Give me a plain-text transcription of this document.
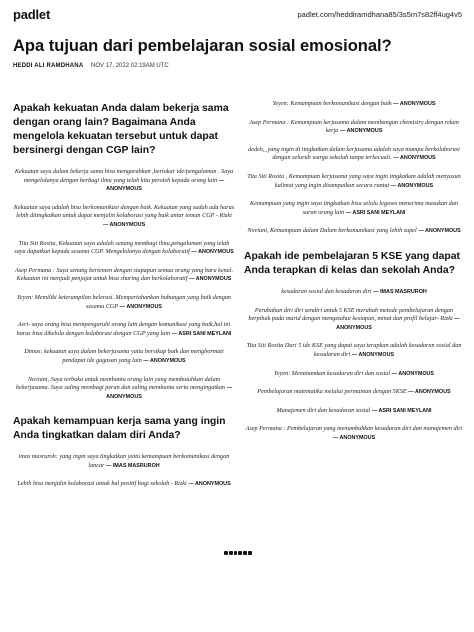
padlet	padlet.com/heddiramdhana85/3s5m7s82ff4ug4v5
Apa tujuan dari pembelajaran sosial emosional?
HEDDI ALI RAMDHANA NOV 17, 2022 02:19AM UTC
Apakah kekuatan Anda dalam bekerja sama dengan orang lain? Bagaimana Anda mengelola kekuatan tersebut untuk dapat bersinergi dengan CGP lain?
Kekuatan saya dalam bekerja sama bisa mengarahkan ,bertukar ide/pengalaman . Saya mengelolanya dengan berbagi ilmu yang telah kita peroleh kepada orang lain — ANONYMOUS
Kekuatan saya adalah bisa berkomunikasi dengan baik. Kekuatan yang sudah ada harus lebih ditingkatkan untuk dapat menjalin kolaborasi yang baik antar teman CGP - Rizki — ANONYMOUS
Tita Siti Rosita, Kekuatan saya adalah senang membagi ilmu,pengalaman yang telah saya dapatkan kepada sesama CGP. Mengelolanya dengan kolaboratif — ANONYMOUS
Asep Permana : Saya senang bertemen dengan siapapun semua orang yang baru kenal. Kekuatan ini menjadi penjajat untuk bisa sharing dan berkolaboratif — ANONYMOUS
Yeyen: Memiliki keterampilan belerasi. Mempertahankan hubungan yang baik dengan sesama CGP — ANONYMOUS
Asri- saya orang bisa mempengaruhi orang lain dengan komunikasi yang baik,hal ini harus bisa dikelola dengan kolaborasi dengan CGP yang lain — ASRI SANI MEYLANI
Dimas: kekuatan saya dalam bekerjasama yaitu bersikap baik dan menghormati pendapat ide gagasan yang lain — ANONYMOUS
Noviani, Saya terbuka untuk membantu orang lain yang membutuhkan dalam bekerjasama. Saya saling membagi peran dan saling membantu serta mengingatkan — ANONYMOUS
Apakah kemampuan kerja sama yang ingin Anda tingkatkan dalam diri Anda?
imas masruroh: yang ingin saya tingkatkan yaitu kemampuan berkomunikasi dengan lancar — IMAS MASRUROH
Lebih bisa menjalin kolaborasi untuk hal positif bagi sekolah - Rizki — ANONYMOUS
Yeyen: Kemampuan berkomunikasi dengan baik — ANONYMOUS
Asep Permana : Kemampuan kerjasama dalam membangun chemistry dengan rekan kerja — ANONYMOUS
dedeh,_yang ingin di tingkatkan dalam kerjasama adalah saya mampu berkolaborasi dengan seluruh warga sekolah tanpa terkecuali. — ANONYMOUS
Tita Siti Rosita , Kemampuan kerjasama yang saya ingin tingkatkan adalah menyusun kalimat yang ingin disampaikan secara runtut — ANONYMOUS
Kemampuan yang ingin saya tingkatkan bisa selalu legowo menerima masukan dan saran orang lain — ASRI SANI MEYLANI
Noviani, Kemampuan dalam Dalam berkomunikasi yang lebih supel — ANONYMOUS
Apakah ide pembelajaran 5 KSE yang dapat Anda terapkan di kelas dan sekolah Anda?
kesadaran sosial dan kesadaran diri — IMAS MASRUROH
Perubahan diri diri sendiri untuk 5 KSE merubah metode pembelajaran dengan berpihak pada murid dengan mengetahui kesiapan, minat dan profil belajar- Rizki — ANONYMOUS
Tita Siti Rosita Dari 5 ide KSE yang dapat saya terapkan adalah kesadaran sosial dan kesadaran diri — ANONYMOUS
Yeyen: Menanamkan kesadaran diri dan sosial — ANONYMOUS
Pembelajaran matematika melalui permainan dengan 5KSE — ANONYMOUS
Manajemen diri dan kesadaran sosial — ASRI SANI MEYLANI
Asep Permana : Pembelajaran yang menumbuhkan kesadaran diri dan manajemen diri — ANONYMOUS
